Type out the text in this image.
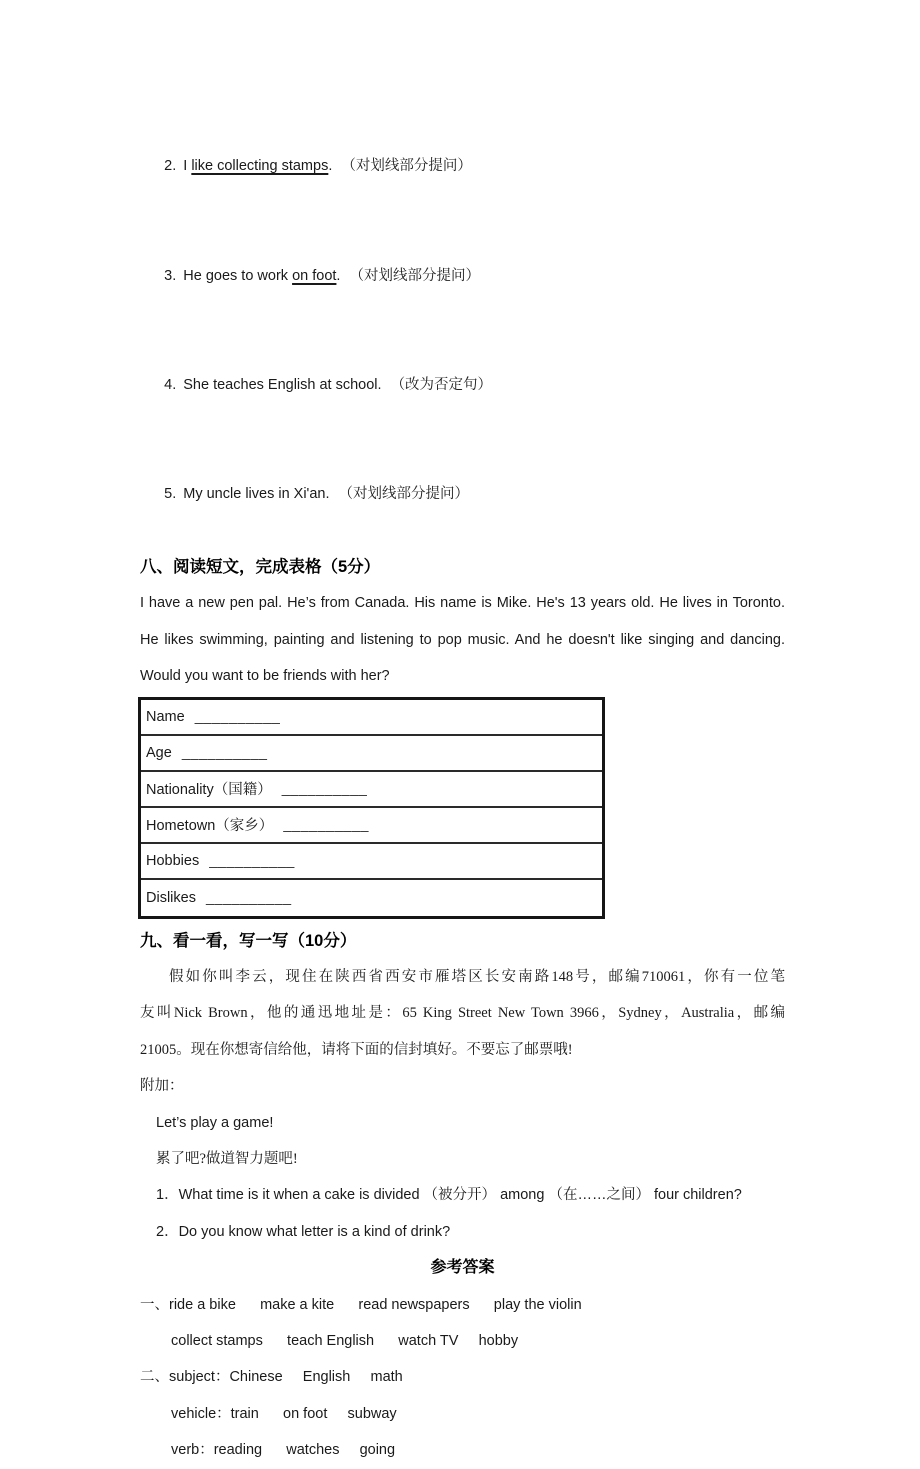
2. I like collecting stamps. （对划线部分提问）

3. He goes to work on foot. （对划线部分提问）

4. She teaches English at school. （改为否定句）

5. My uncle lives in Xi'an. （对划线部分提问）

八、阅读短文，完成表格（5分）
I have a new pen pal. He’s from Canada. His name is Mike. He's 13 years old. He lives in Toronto.
He likes swimming, painting and listening to pop music. And he doesn't like singing and dancing.
Would you want to be friends with her?
Name __________
Age __________
Nationality（国籍） __________
Hometown（家乡） __________
Hobbies __________
Dislikes __________
九、看一看，写一写（10分）
假如你叫李云，现住在陕西省西安市雁塔区长安南路148号，邮编710061，你有一位笔
友叫Nick Brown，他的通迅地址是：65 King Street New Town 3966，Sydney，Australia，邮编
21005。现在你想寄信给他，请将下面的信封填好。不要忘了邮票哦!
附加：
Let’s play a game!
累了吧?做道智力题吧!
1．What time is it when a cake is divided （被分开） among （在……之间） four children?
2．Do you know what letter is a kind of drink?
参考答案
一、ride a bike      make a kite      read newspapers      play the violin
collect stamps      teach English      watch TV     hobby
二、subject：Chinese     English     math
vehicle：train      on foot     subway
verb：reading      watches     going
